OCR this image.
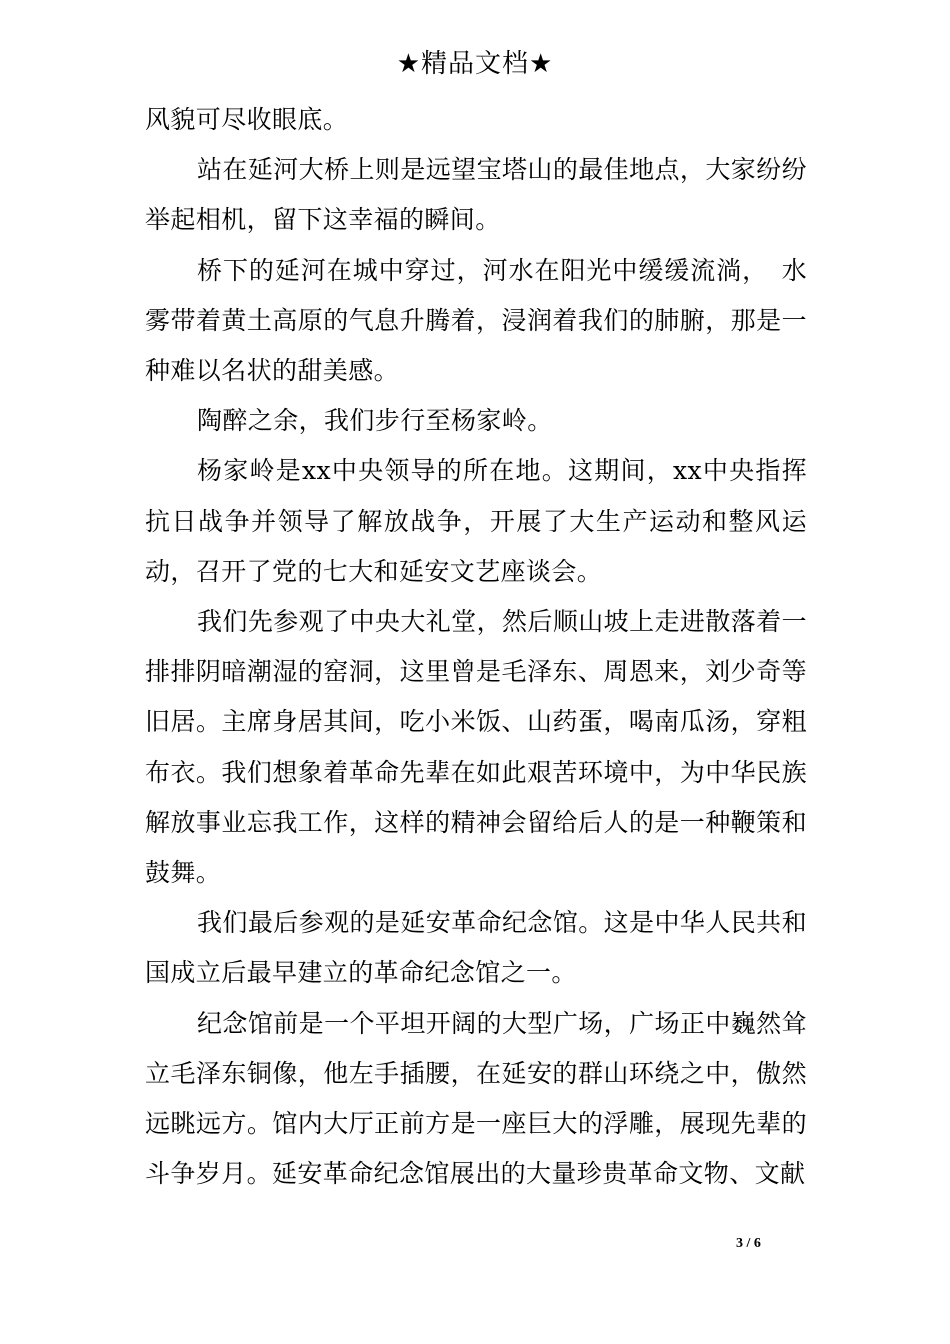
★精品文档★

风貌可尽收眼底。

站在延河大桥上则是远望宝塔山的最佳地点，大家纷纷举起相机，留下这幸福的瞬间。

桥下的延河在城中穿过，河水在阳光中缓缓流淌，　水雾带着黄土高原的气息升腾着，浸润着我们的肺腑，那是一种难以名状的甜美感。

陶醉之余，我们步行至杨家岭。

杨家岭是xx中央领导的所在地。这期间，xx中央指挥抗日战争并领导了解放战争，开展了大生产运动和整风运动，召开了党的七大和延安文艺座谈会。

我们先参观了中央大礼堂，然后顺山坡上走进散落着一排排阴暗潮湿的窑洞，这里曾是毛泽东、周恩来，刘少奇等旧居。主席身居其间，吃小米饭、山药蛋，喝南瓜汤，穿粗布衣。我们想象着革命先辈在如此艰苦环境中，为中华民族解放事业忘我工作，这样的精神会留给后人的是一种鞭策和鼓舞。

我们最后参观的是延安革命纪念馆。这是中华人民共和国成立后最早建立的革命纪念馆之一。

纪念馆前是一个平坦开阔的大型广场，广场正中巍然耸立毛泽东铜像，他左手插腰，在延安的群山环绕之中，傲然远眺远方。馆内大厅正前方是一座巨大的浮雕，展现先辈的斗争岁月。延安革命纪念馆展出的大量珍贵革命文物、文献

3 / 6
